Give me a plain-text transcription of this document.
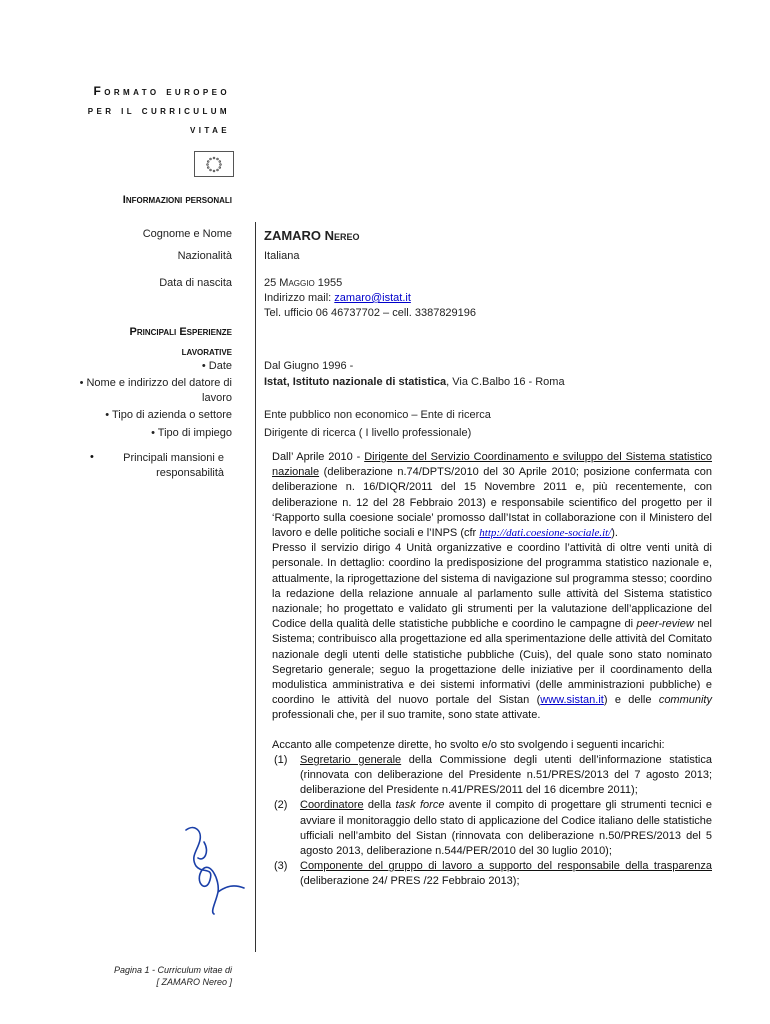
Formato europeo
per il curriculum
vitae
Informazioni personali
Cognome e Nome ZAMARO Nereo
Nazionalità	Italiana
Data di nascita	25 Maggio 1955
Indirizzo mail: zamaro@istat.it
Tel. ufficio 06 46737702 – cell. 3387829196
Principali Esperienze
lavorative
• Date	Dal Giugno 1996 -
• Nome e indirizzo del datore di
lavoro
Istat, Istituto nazionale di statistica, Via C.Balbo 16 - Roma
• Tipo di azienda o settore	Ente pubblico non economico – Ente di ricerca
• Tipo di impiego	Dirigente di ricerca ( I livello professionale)
•	Principali mansioni e
responsabilità
Dall’ Aprile 2010 - Dirigente del Servizio Coordinamento e sviluppo del Sistema statistico nazionale (deliberazione n.74/DPTS/2010 del 30 Aprile 2010; posizione confermata con deliberazione n. 16/DIQR/2011 del 15 Novembre 2011 e, più recentemente, con deliberazione n. 12 del 28 Febbraio 2013) e responsabile scientifico del progetto per il ‘Rapporto sulla coesione sociale’ promosso dall’Istat in collaborazione con il Ministero del lavoro e delle politiche sociali e l’INPS (cfr http://dati.coesione-sociale.it/).
Presso il servizio dirigo 4 Unità organizzative e coordino l’attività di oltre venti unità di personale. In dettaglio: coordino la predisposizione del programma statistico nazionale e, attualmente, la riprogettazione del sistema di navigazione sul programma stesso; coordino la redazione della relazione annuale al parlamento sulle attività del Sistema statistico nazionale; ho progettato e validato gli strumenti per la valutazione dell’applicazione del Codice della qualità delle statistiche pubbliche e coordino le campagne di peer-review nel Sistema; contribuisco alla progettazione ed alla sperimentazione delle attività del Comitato nazionale degli utenti delle statistiche pubbliche (Cuis), del quale sono stato nominato Segretario generale; seguo la progettazione delle iniziative per il coordinamento della modulistica amministrativa e dei sistemi informativi (delle amministrazioni pubbliche) e coordino le attività del nuovo portale del Sistan (www.sistan.it) e delle community professionali che, per il suo tramite, sono state attivate.
Accanto alle competenze dirette, ho svolto e/o sto svolgendo i seguenti incarichi:
(1) Segretario generale della Commissione degli utenti dell’informazione statistica (rinnovata con deliberazione del Presidente n.51/PRES/2013 del 7 agosto 2013; deliberazione del Presidente n.41/PRES/2011 del 16 dicembre 2011);
(2) Coordinatore della task force avente il compito di progettare gli strumenti tecnici e avviare il monitoraggio dello stato di applicazione del Codice italiano delle statistiche ufficiali nell’ambito del Sistan (rinnovata con deliberazione n.50/PRES/2013 del 5 agosto 2013, deliberazione n.544/PER/2010 del 30 luglio 2010);
(3) Componente del gruppo di lavoro a supporto del responsabile della trasparenza (deliberazione 24/ PRES /22 Febbraio 2013);
Pagina 1 - Curriculum vitae di
[ ZAMARO Nereo ]
